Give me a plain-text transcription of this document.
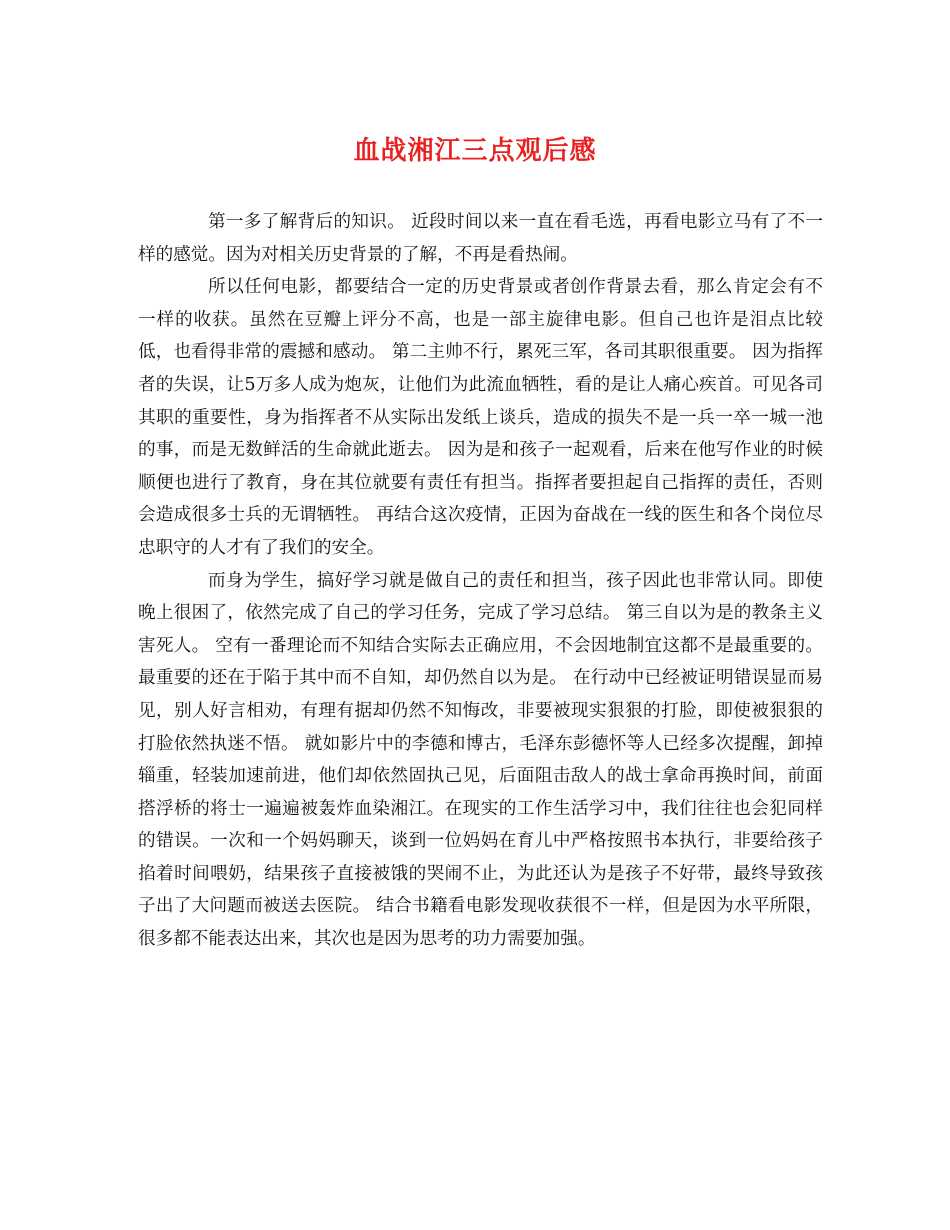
血战湘江三点观后感

第一多了解背后的知识。 近段时间以来一直在看毛选，再看电影立马有了不一样的感觉。因为对相关历史背景的了解，不再是看热闹。

所以任何电影，都要结合一定的历史背景或者创作背景去看，那么肯定会有不一样的收获。虽然在豆瓣上评分不高，也是一部主旋律电影。但自己也许是泪点比较低，也看得非常的震撼和感动。 第二主帅不行，累死三军，各司其职很重要。 因为指挥者的失误，让5万多人成为炮灰，让他们为此流血牺牲，看的是让人痛心疾首。可见各司其职的重要性，身为指挥者不从实际出发纸上谈兵，造成的损失不是一兵一卒一城一池的事，而是无数鲜活的生命就此逝去。 因为是和孩子一起观看，后来在他写作业的时候顺便也进行了教育，身在其位就要有责任有担当。指挥者要担起自己指挥的责任，否则会造成很多士兵的无谓牺牲。 再结合这次疫情，正因为奋战在一线的医生和各个岗位尽忠职守的人才有了我们的安全。

而身为学生，搞好学习就是做自己的责任和担当，孩子因此也非常认同。即使晚上很困了，依然完成了自己的学习任务，完成了学习总结。 第三自以为是的教条主义害死人。 空有一番理论而不知结合实际去正确应用，不会因地制宜这都不是最重要的。最重要的还在于陷于其中而不自知，却仍然自以为是。 在行动中已经被证明错误显而易见，别人好言相劝，有理有据却仍然不知悔改，非要被现实狠狠的打脸，即使被狠狠的打脸依然执迷不悟。 就如影片中的李德和博古，毛泽东彭德怀等人已经多次提醒，卸掉辎重，轻装加速前进，他们却依然固执己见，后面阻击敌人的战士拿命再换时间，前面搭浮桥的将士一遍遍被轰炸血染湘江。在现实的工作生活学习中，我们往往也会犯同样的错误。一次和一个妈妈聊天，谈到一位妈妈在育儿中严格按照书本执行，非要给孩子掐着时间喂奶，结果孩子直接被饿的哭闹不止，为此还认为是孩子不好带，最终导致孩子出了大问题而被送去医院。 结合书籍看电影发现收获很不一样，但是因为水平所限，很多都不能表达出来，其次也是因为思考的功力需要加强。
